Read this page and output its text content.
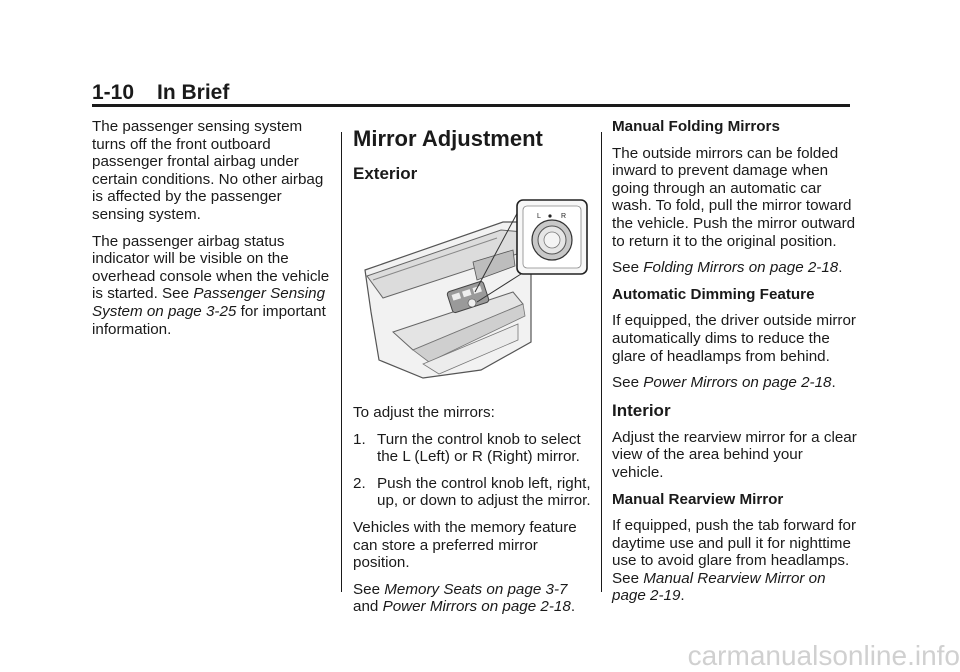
1-10 In Brief

The passenger sensing system turns off the front outboard passenger frontal airbag under certain conditions. No other airbag is affected by the passenger sensing system.

The passenger airbag status indicator will be visible on the overhead console when the vehicle is started. See Passenger Sensing System on page 3-25 for important information.

Mirror Adjustment
Exterior
L	R

To adjust the mirrors:

1. Turn the control knob to select the L (Left) or R (Right) mirror.
2. Push the control knob left, right, up, or down to adjust the mirror.

Vehicles with the memory feature can store a preferred mirror position.

See Memory Seats on page 3-7 and Power Mirrors on page 2-18.

Manual Folding Mirrors

The outside mirrors can be folded inward to prevent damage when going through an automatic car wash. To fold, pull the mirror toward the vehicle. Push the mirror outward to return it to the original position.

See Folding Mirrors on page 2-18.

Automatic Dimming Feature

If equipped, the driver outside mirror automatically dims to reduce the glare of headlamps from behind.

See Power Mirrors on page 2-18.

Interior

Adjust the rearview mirror for a clear view of the area behind your vehicle.

Manual Rearview Mirror

If equipped, push the tab forward for daytime use and pull it for nighttime use to avoid glare from headlamps. See Manual Rearview Mirror on page 2-19.

carmanualsonline.info
